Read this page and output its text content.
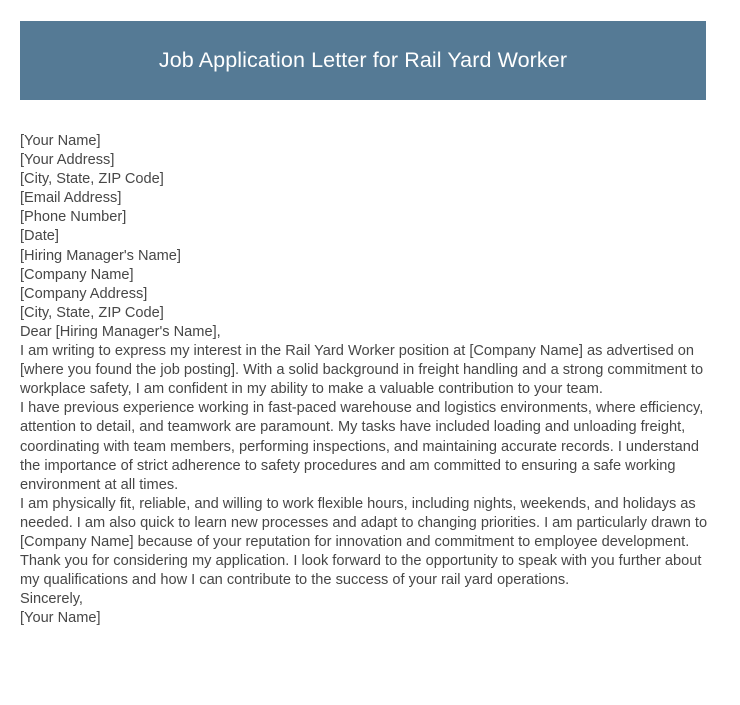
Job Application Letter for Rail Yard Worker

[Your Name]

[Your Address]

[City, State, ZIP Code]

[Email Address]

[Phone Number]

[Date]

[Hiring Manager's Name]

[Company Name]

[Company Address]

[City, State, ZIP Code]

Dear [Hiring Manager's Name],

I am writing to express my interest in the Rail Yard Worker position at [Company Name] as advertised on [where you found the job posting]. With a solid background in freight handling and a strong commitment to workplace safety, I am confident in my ability to make a valuable contribution to your team.

I have previous experience working in fast-paced warehouse and logistics environments, where efficiency, attention to detail, and teamwork are paramount. My tasks have included loading and unloading freight, coordinating with team members, performing inspections, and maintaining accurate records. I understand the importance of strict adherence to safety procedures and am committed to ensuring a safe working environment at all times.

I am physically fit, reliable, and willing to work flexible hours, including nights, weekends, and holidays as needed. I am also quick to learn new processes and adapt to changing priorities. I am particularly drawn to [Company Name] because of your reputation for innovation and commitment to employee development.

Thank you for considering my application. I look forward to the opportunity to speak with you further about my qualifications and how I can contribute to the success of your rail yard operations.

Sincerely,

[Your Name]
